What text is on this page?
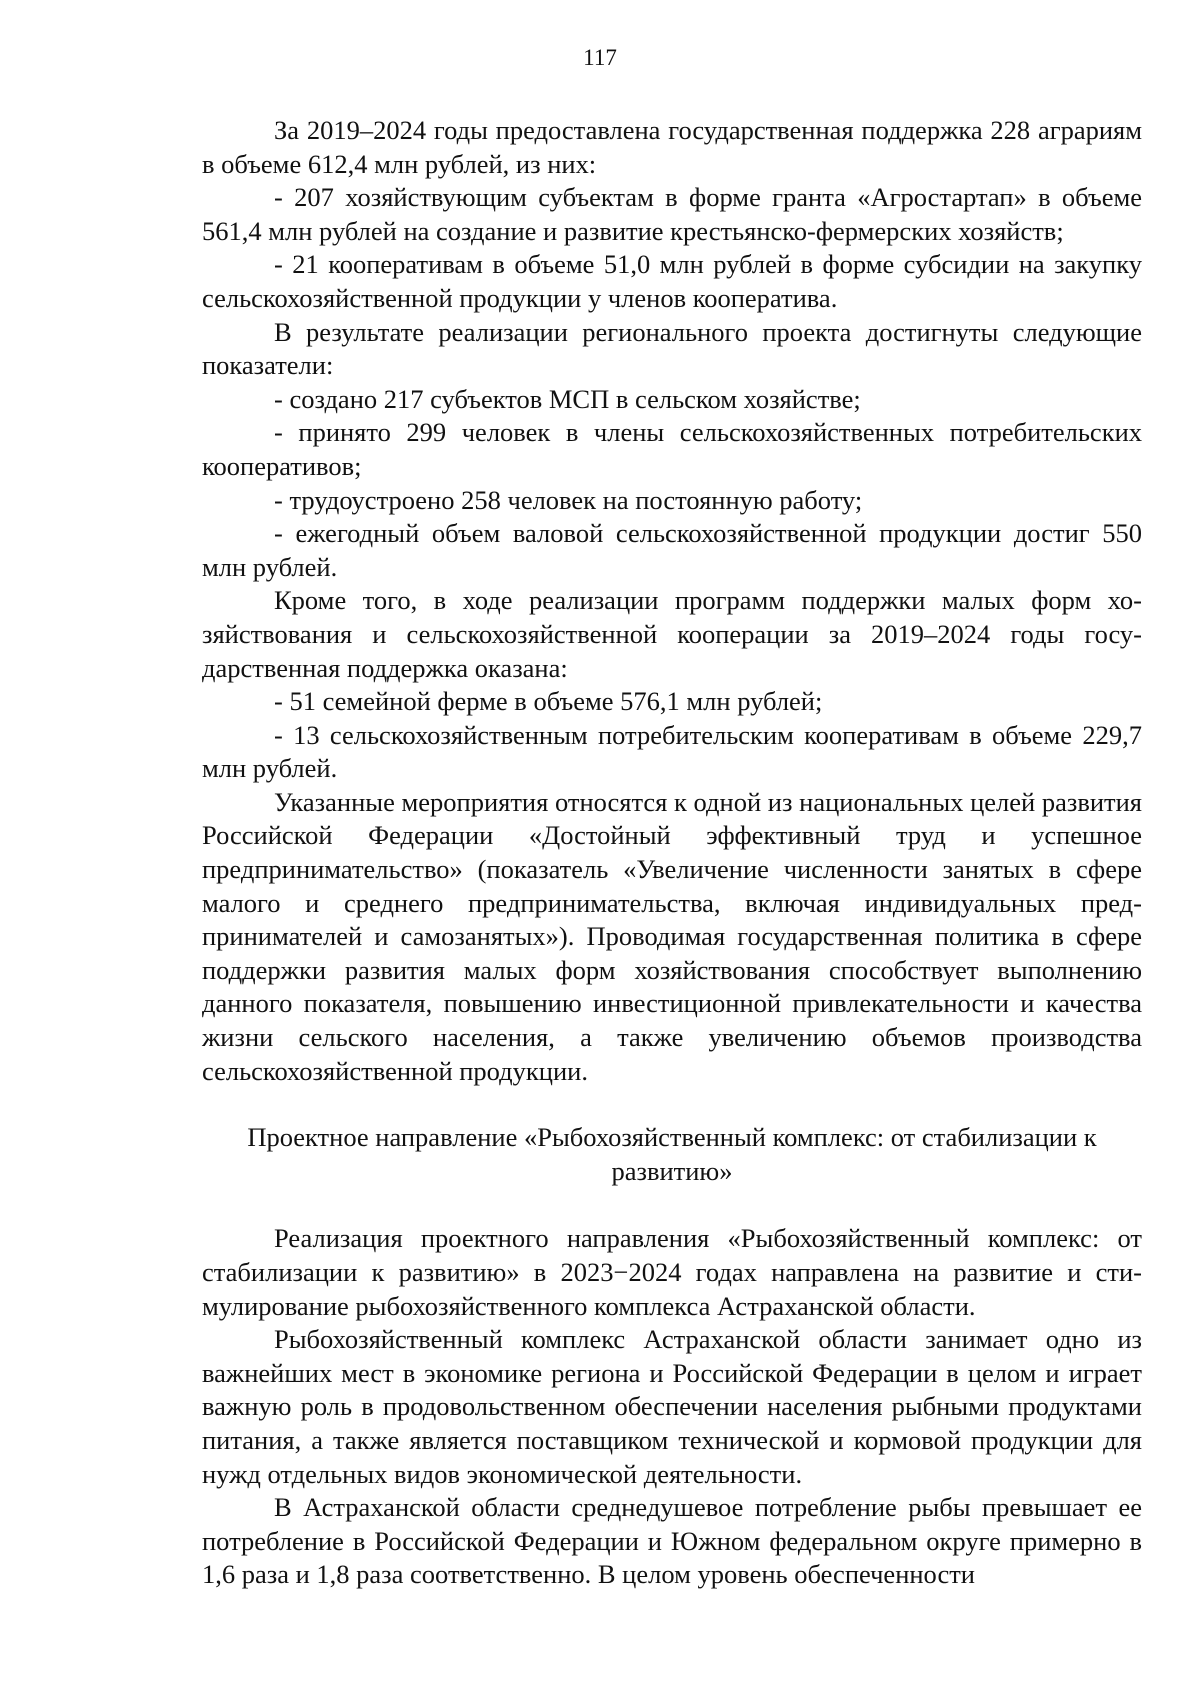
117

За 2019–2024 годы предоставлена государственная поддержка 228 аграриям в объеме 612,4 млн рублей, из них:

- 207 хозяйствующим субъектам в форме гранта «Агростартап» в объеме 561,4 млн рублей на создание и развитие крестьянско-фермерских хозяйств;

- 21 кооперативам в объеме 51,0 млн рублей в форме субсидии на закупку сельскохозяйственной продукции у членов кооператива.

В результате реализации регионального проекта достигнуты следующие показатели:

- создано 217 субъектов МСП в сельском хозяйстве;

- принято 299 человек в члены сельскохозяйственных потребительских кооперативов;

- трудоустроено 258 человек на постоянную работу;

- ежегодный объем валовой сельскохозяйственной продукции достиг 550 млн рублей.

Кроме того, в ходе реализации программ поддержки малых форм хозяйствования и сельскохозяйственной кооперации за 2019–2024 годы государственная поддержка оказана:

- 51 семейной ферме в объеме 576,1 млн рублей;

- 13 сельскохозяйственным потребительским кооперативам в объеме 229,7 млн рублей.

Указанные мероприятия относятся к одной из национальных целей развития Российской Федерации «Достойный эффективный труд и успешное предпринимательство» (показатель «Увеличение численности занятых в сфере малого и среднего предпринимательства, включая индивидуальных предпринимателей и самозанятых»). Проводимая государственная политика в сфере поддержки развития малых форм хозяйствования способствует выполнению данного показателя, повышению инвестиционной привлекательности и качества жизни сельского населения, а также увеличению объемов производства сельскохозяйственной продукции.

Проектное направление «Рыбохозяйственный комплекс: от стабилизации к развитию»

Реализация проектного направления «Рыбохозяйственный комплекс: от стабилизации к развитию» в 2023−2024 годах направлена на развитие и стимулирование рыбохозяйственного комплекса Астраханской области.

Рыбохозяйственный комплекс Астраханской области занимает одно из важнейших мест в экономике региона и Российской Федерации в целом и играет важную роль в продовольственном обеспечении населения рыбными продуктами питания, а также является поставщиком технической и кормовой продукции для нужд отдельных видов экономической деятельности.

В Астраханской области среднедушевое потребление рыбы превышает ее потребление в Российской Федерации и Южном федеральном округе примерно в 1,6 раза и 1,8 раза соответственно. В целом уровень обеспеченности
